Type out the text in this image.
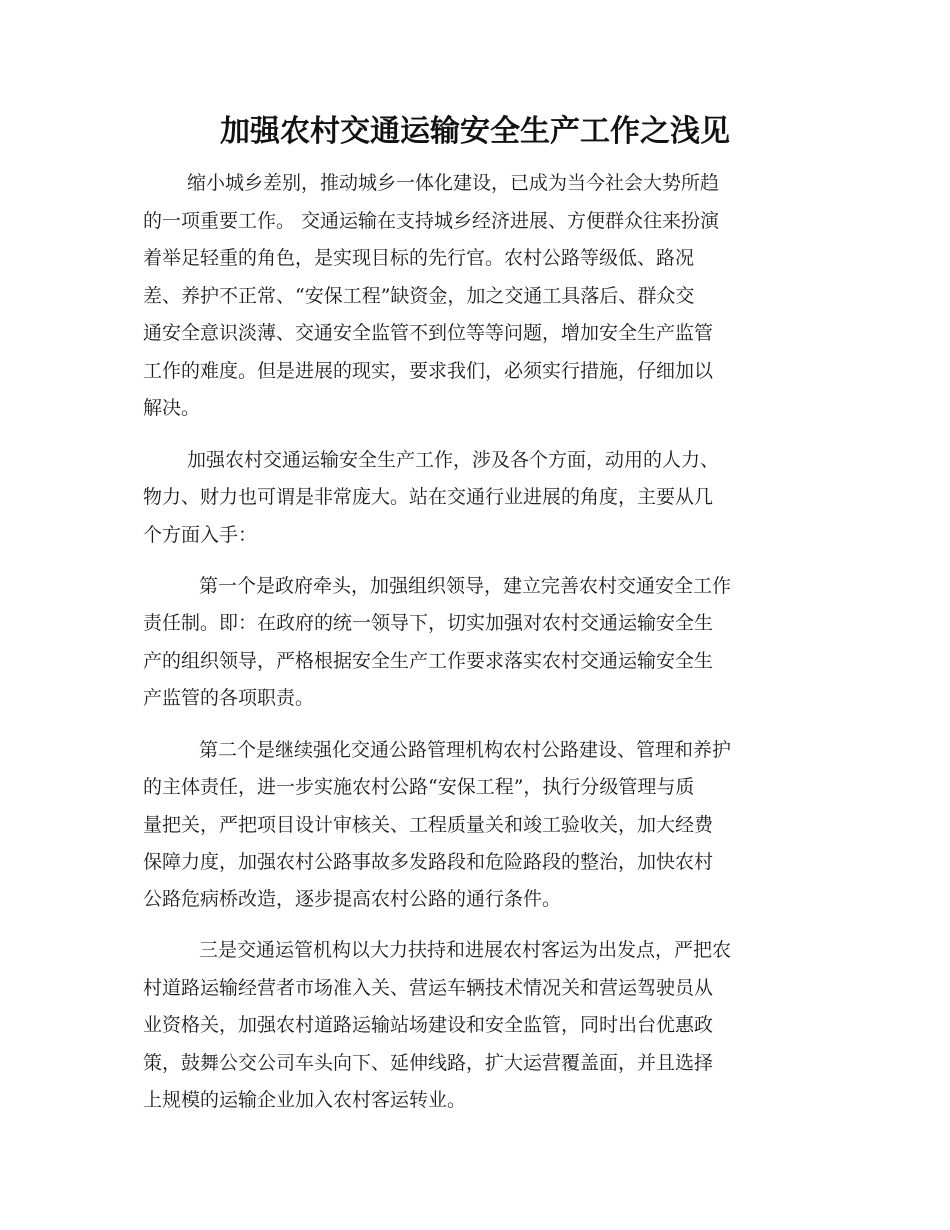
加强农村交通运输安全生产工作之浅见
缩小城乡差别，推动城乡一体化建设，已成为当今社会大势所趋
的一项重要工作。 交通运输在支持城乡经济进展、方便群众往来扮演
着举足轻重的角色，是实现目标的先行官。农村公路等级低、路况
差、养护不正常、“安保工程”缺资金，加之交通工具落后、群众交
通安全意识淡薄、交通安全监管不到位等等问题，增加安全生产监管
工作的难度。但是进展的现实，要求我们，必须实行措施，仔细加以
解决。
加强农村交通运输安全生产工作，涉及各个方面，动用的人力、
物力、财力也可谓是非常庞大。站在交通行业进展的角度，主要从几
个方面入手：
第一个是政府牵头，加强组织领导，建立完善农村交通安全工作
责任制。即：在政府的统一领导下，切实加强对农村交通运输安全生
产的组织领导，严格根据安全生产工作要求落实农村交通运输安全生
产监管的各项职责。
第二个是继续强化交通公路管理机构农村公路建设、管理和养护
的主体责任，进一步实施农村公路“安保工程”，执行分级管理与质
量把关，严把项目设计审核关、工程质量关和竣工验收关，加大经费
保障力度，加强农村公路事故多发路段和危险路段的整治，加快农村
公路危病桥改造，逐步提高农村公路的通行条件。
三是交通运管机构以大力扶持和进展农村客运为出发点，严把农
村道路运输经营者市场准入关、营运车辆技术情况关和营运驾驶员从
业资格关，加强农村道路运输站场建设和安全监管，同时出台优惠政
策，鼓舞公交公司车头向下、延伸线路，扩大运营覆盖面，并且选择
上规模的运输企业加入农村客运转业。
